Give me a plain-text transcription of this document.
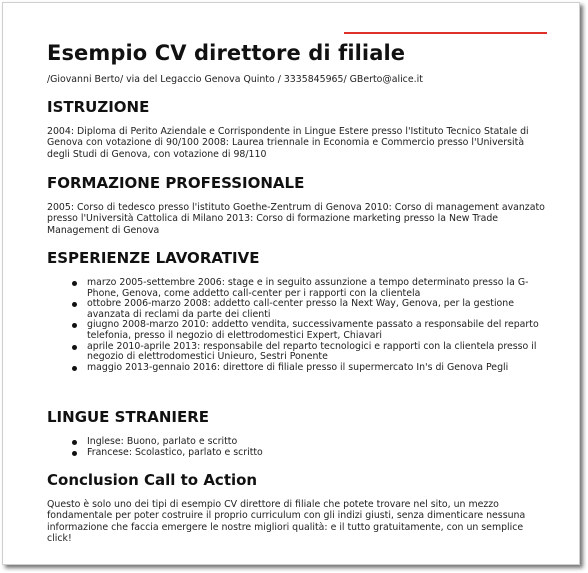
Esempio CV direttore di filiale
/Giovanni Berto/ via del Legaccio Genova Quinto / 3335845965/ GBerto@alice.it
ISTRUZIONE

2004: Diploma di Perito Aziendale e Corrispondente in Lingue Estere presso l'Istituto Tecnico Statale di Genova con votazione di 90/100 2008: Laurea triennale in Economia e Commercio presso l'Università degli Studi di Genova, con votazione di 98/110

FORMAZIONE PROFESSIONALE

2005: Corso di tedesco presso l'istituto Goethe-Zentrum di Genova 2010: Corso di management avanzato presso l'Università Cattolica di Milano 2013: Corso di formazione marketing presso la New Trade Management di Genova

ESPERIENZE LAVORATIVE
marzo 2005-settembre 2006: stage e in seguito assunzione a tempo determinato presso la G-Phone, Genova, come addetto call-center per i rapporti con la clientela
ottobre 2006-marzo 2008: addetto call-center presso la Next Way, Genova, per la gestione avanzata di reclami da parte dei clienti
giugno 2008-marzo 2010: addetto vendita, successivamente passato a responsabile del reparto telefonia, presso il negozio di elettrodomestici Expert, Chiavari
aprile 2010-aprile 2013: responsabile del reparto tecnologici e rapporti con la clientela presso il negozio di elettrodomestici Unieuro, Sestri Ponente
maggio 2013-gennaio 2016: direttore di filiale presso il supermercato In's di Genova Pegli
LINGUE STRANIERE
Inglese: Buono, parlato e scritto
Francese: Scolastico, parlato e scritto
Conclusion Call to Action

Questo è solo uno dei tipi di esempio CV direttore di filiale che potete trovare nel sito, un mezzo fondamentale per poter costruire il proprio curriculum con gli indizi giusti, senza dimenticare nessuna informazione che faccia emergere le nostre migliori qualità: e il tutto gratuitamente, con un semplice click!
